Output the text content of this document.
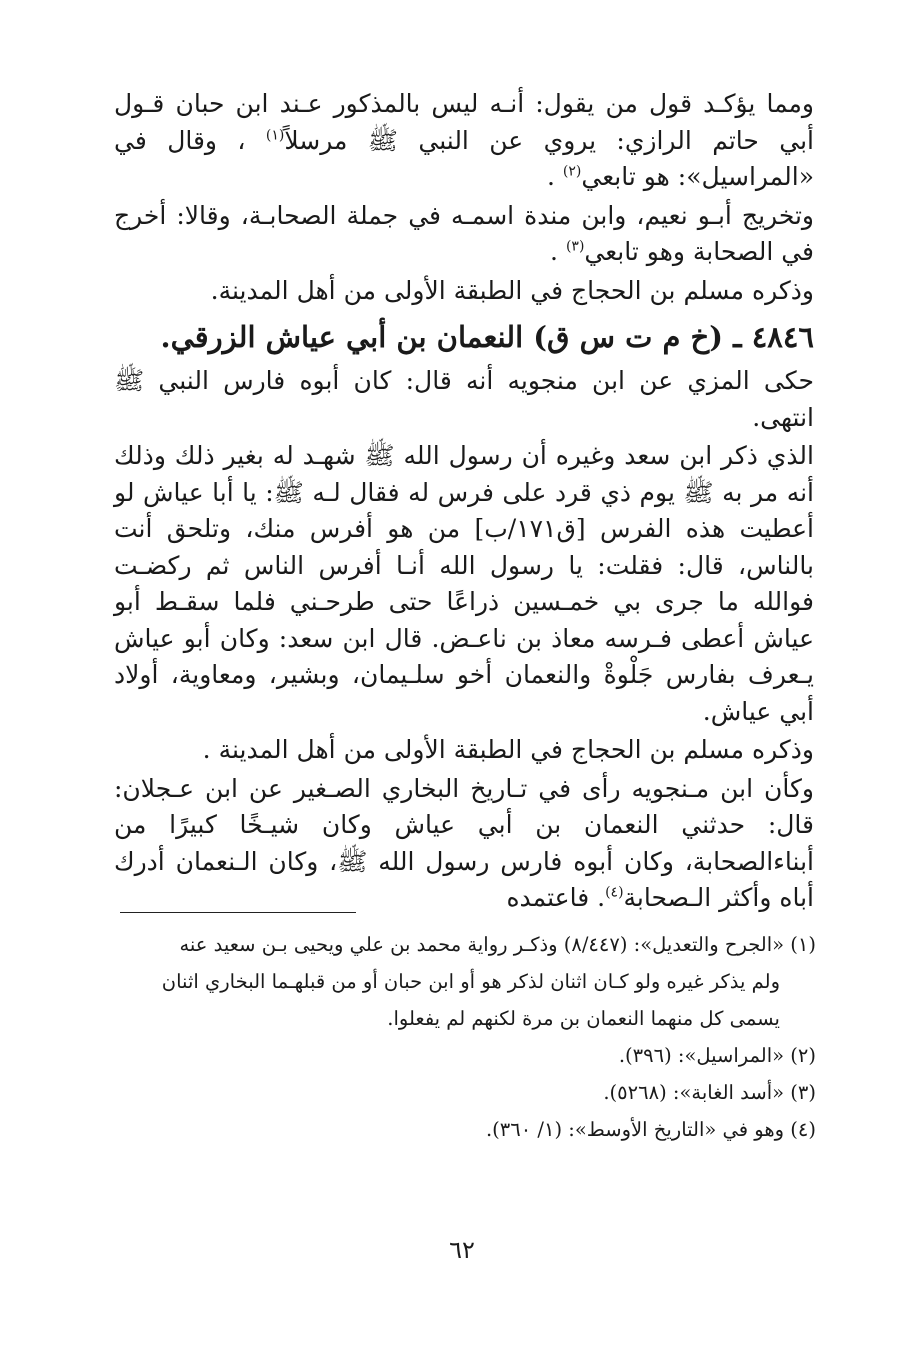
ومما يؤكـد قول من يقول: أنـه ليس بالمذكور عـند ابن حبان قـول أبي حاتم الرازي: يروي عن النبي ﷺ مرسلاً$^{(١)}$ ، وقال في «المراسيل»: هو تابعي$^{(٢)}$ .

وتخريج أبـو نعيم، وابن مندة اسمـه في جملة الصحابـة، وقالا: أخرج في الصحابة وهو تابعي$^{(٣)}$ .

وذكره مسلم بن الحجاج في الطبقة الأولى من أهل المدينة.

٤٨٤٦ ـ (خ م ت س ق) النعمان بن أبي عياش الزرقي.

حكى المزي عن ابن منجويه أنه قال: كان أبوه فارس النبي ﷺ انتهى.

الذي ذكر ابن سعد وغيره أن رسول الله ﷺ شهـد له بغير ذلك وذلك أنه مر به ﷺ يوم ذي قرد على فرس له فقال لـه ﷺ: يا أبا عياش لو أعطيت هذه الفرس [ق١٧١/ب] من هو أفرس منك، وتلحق أنت بالناس، قال: فقلت: يا رسول الله أنـا أفرس الناس ثم ركضـت فوالله ما جرى بي خمـسين ذراعًا حتى طرحـني فلما سقـط أبو عياش أعطى فـرسه معاذ بن ناعـض. قال ابن سعد: وكان أبو عياش يـعرف بفارس جَلْوةْ والنعمان أخو سلـيمان، وبشير، ومعاوية، أولاد أبي عياش.

وذكره مسلم بن الحجاج في الطبقة الأولى من أهل المدينة .

وكأن ابن مـنجويه رأى في تـاريخ البخاري الصـغير عن ابن عـجلان: قال: حدثني النعمان بن أبي عياش وكان شيـخًا كبيرًا من أبناءالصحابة، وكان أبوه فارس رسول الله ﷺ، وكان الـنعمان أدرك أباه وأكثر الـصحابة$^{(٤)}$. فاعتمده

(١) «الجرح والتعديل»: (٨/٤٤٧) وذكـر رواية محمد بن علي ويحيى بـن سعيد عنه

ولم يذكر غيره ولو كـان اثنان لذكر هو أو ابن حبان أو من قبلهـما البخاري اثنان

يسمى كل منهما النعمان بن مرة لكنهم لم يفعلوا.

(٢) «المراسيل»: (٣٩٦).

(٣) «أسد الغابة»: (٥٢٦٨).

(٤) وهو في «التاريخ الأوسط»: (١/ ٣٦٠).

٦٢
